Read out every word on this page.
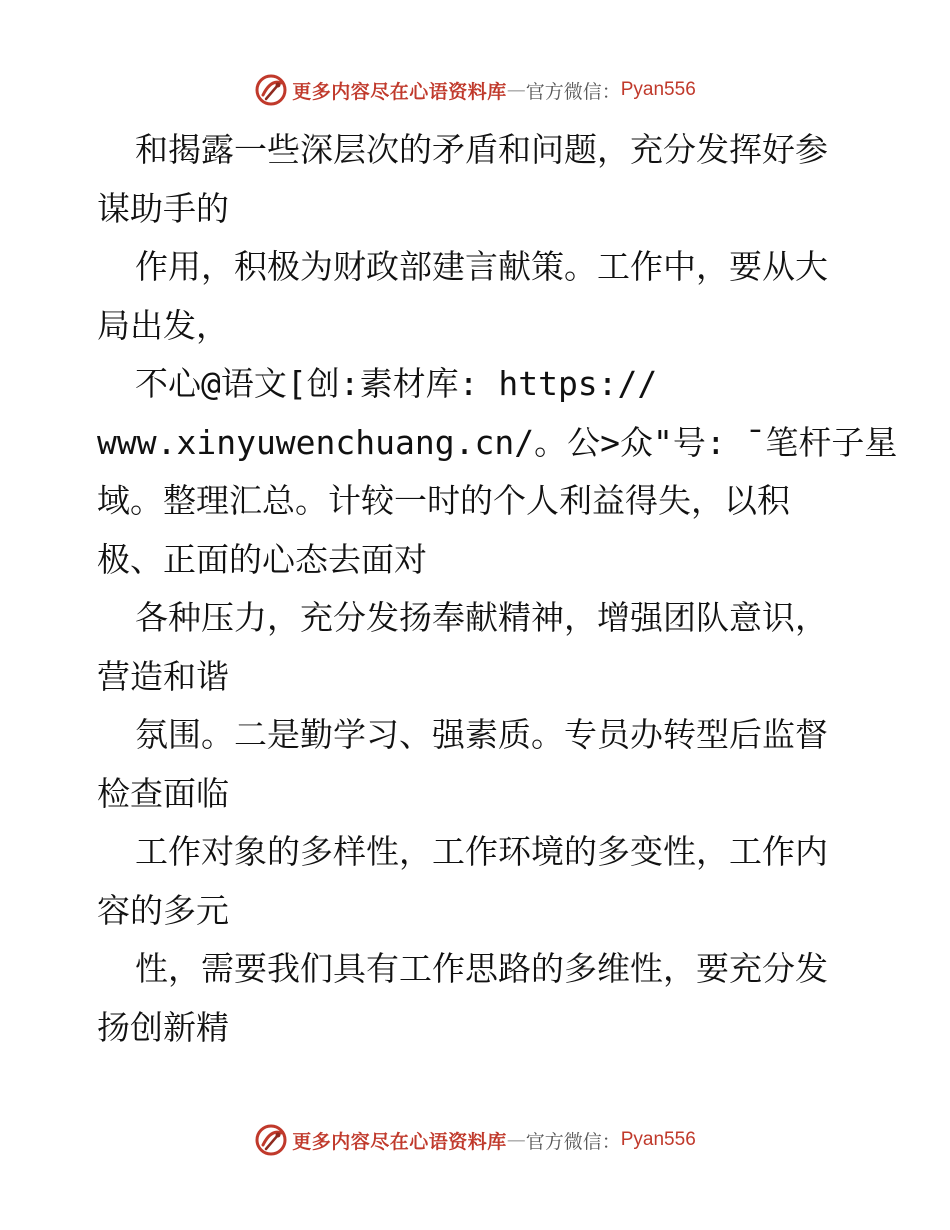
更多内容尽在心语资料库 — 官方微信： Pyan556
和揭露一些深层次的矛盾和问题，充分发挥好参
谋助手的
作用，积极为财政部建言献策。工作中，要从大
局出发，
不心@语文[创:素材库: https://
www.xinyuwenchuang.cn/。公>众"号: ¯笔杆子星
域。整理汇总。计较一时的个人利益得失，以积
极、正面的心态去面对
各种压力，充分发扬奉献精神，增强团队意识，
营造和谐
氛围。二是勤学习、强素质。专员办转型后监督
检查面临
工作对象的多样性，工作环境的多变性，工作内
容的多元
性，需要我们具有工作思路的多维性，要充分发
扬创新精
更多内容尽在心语资料库 — 官方微信： Pyan556
